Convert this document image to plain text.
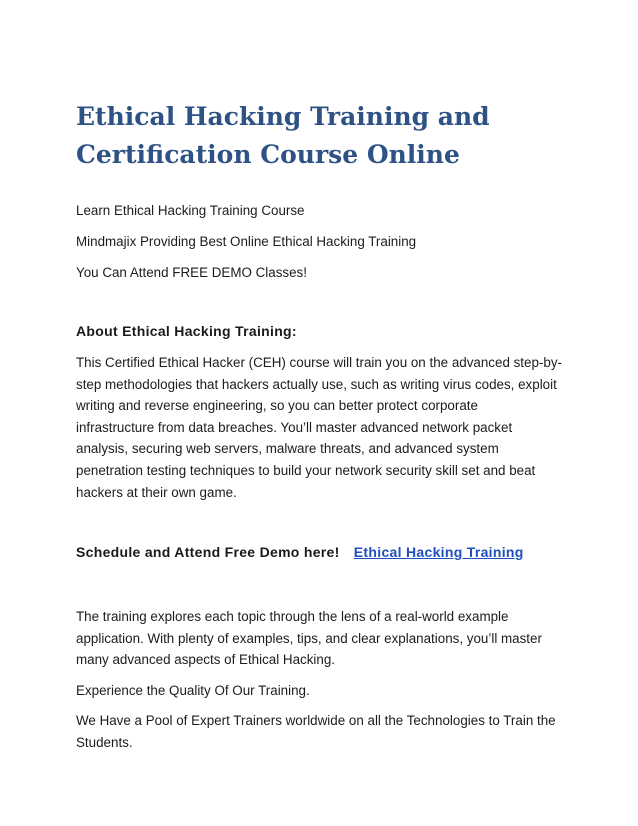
Ethical Hacking Training and
Certification Course Online
Learn Ethical Hacking Training Course
Mindmajix Providing Best Online Ethical Hacking Training
You Can Attend FREE DEMO Classes!
About Ethical Hacking Training:
This Certified Ethical Hacker (CEH) course will train you on the advanced step-by-
step methodologies that hackers actually use, such as writing virus codes, exploit
writing and reverse engineering, so you can better protect corporate
infrastructure from data breaches. You’ll master advanced network packet
analysis, securing web servers, malware threats, and advanced system
penetration testing techniques to build your network security skill set and beat
hackers at their own game.
Schedule and Attend Free Demo here! Ethical Hacking Training
The training explores each topic through the lens of a real-world example
application. With plenty of examples, tips, and clear explanations, you’ll master
many advanced aspects of Ethical Hacking.
Experience the Quality Of Our Training.
We Have a Pool of Expert Trainers worldwide on all the Technologies to Train the
Students.
